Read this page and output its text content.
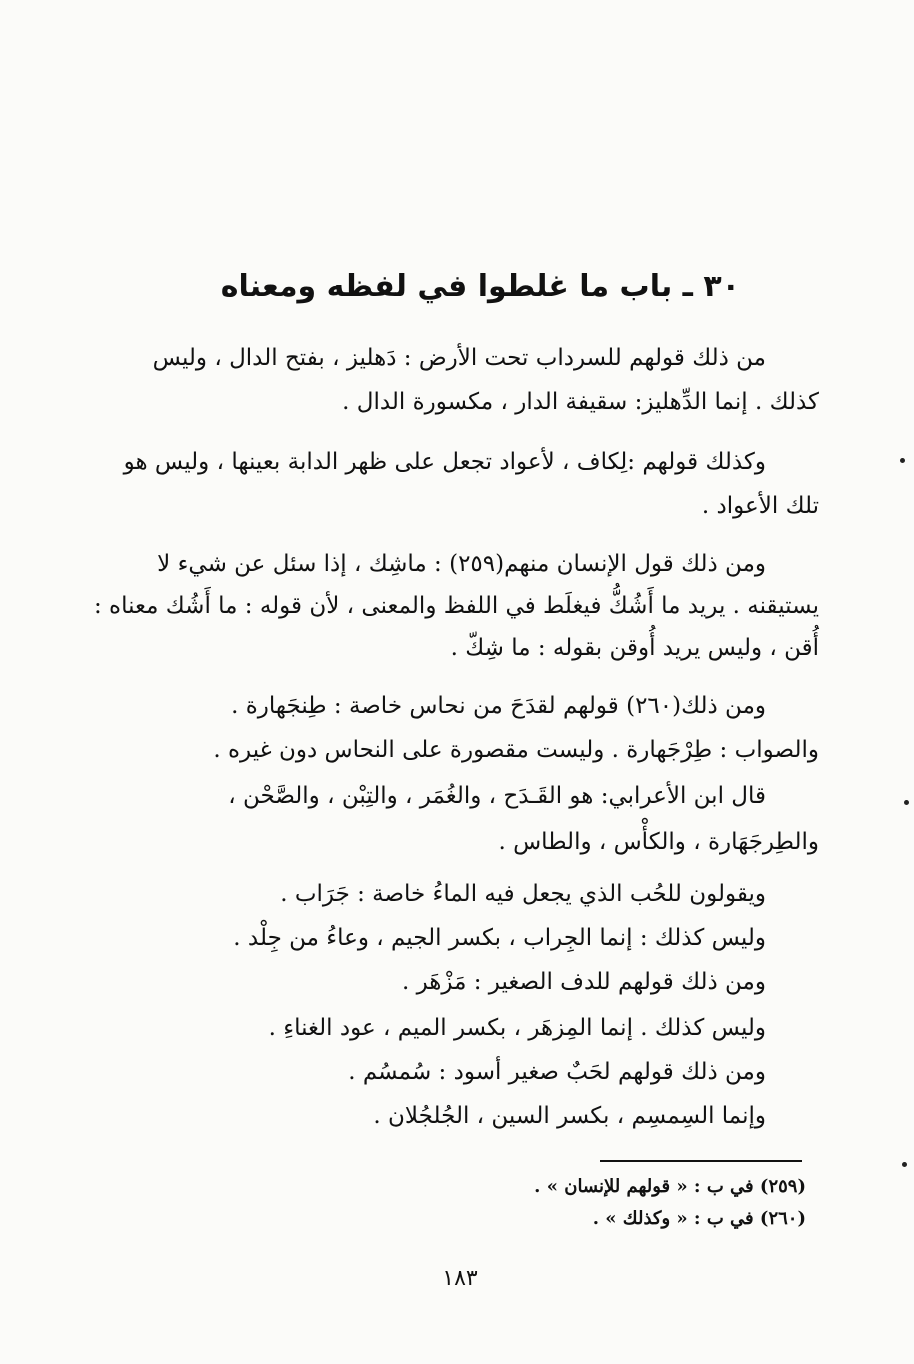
٣٠ ـ باب ما غلطوا في لفظه ومعناه
من ذلك قولهم للسرداب تحت الأرض : دَهليز ، بفتح الدال ، وليس
كذلك . إنما الدِّهليز: سقيفة الدار ، مكسورة الدال .
وكذلك قولهم :لِكاف ، لأعواد تجعل على ظهر الدابة بعينها ، وليس هو
تلك الأعواد .
ومن ذلك قول الإنسان منهم(٢٥٩) : ماشِك ، إذا سئل عن شيء لا
يستيقنه . يريد ما أَشُكُّ فيغلَط في اللفظ والمعنى ، لأن قوله : ما أَشُك معناه :
أُقن ، وليس يريد أُوقن بقوله : ما شِكّ .
ومن ذلك(٢٦٠) قولهم لقدَحَ من نحاس خاصة : طِنجَهارة .
والصواب : طِرْجَهارة . وليست مقصورة على النحاس دون غيره .
قال ابن الأعرابي: هو القَـدَح ، والغُمَر ، والتِبْن ، والصَّحْن ،
والطِرجَهَارة ، والكأْس ، والطاس .
ويقولون للحُب الذي يجعل فيه الماءُ خاصة : جَرَاب .
وليس كذلك : إنما الجِراب ، بكسر الجيم ، وعاءُ من جِلْد .
ومن ذلك قولهم للدف الصغير : مَزْهَر .
وليس كذلك . إنما المِزهَر ، بكسر الميم ، عود الغناءِ .
ومن ذلك قولهم لحَبٌ صغير أسود : سُمسُم .
وإنما السِمسِم ، بكسر السين ، الجُلجُلان .
(٢٥٩) في ب : « قولهم للإنسان » .
(٢٦٠) في ب : « وكذلك » .
١٨٣
